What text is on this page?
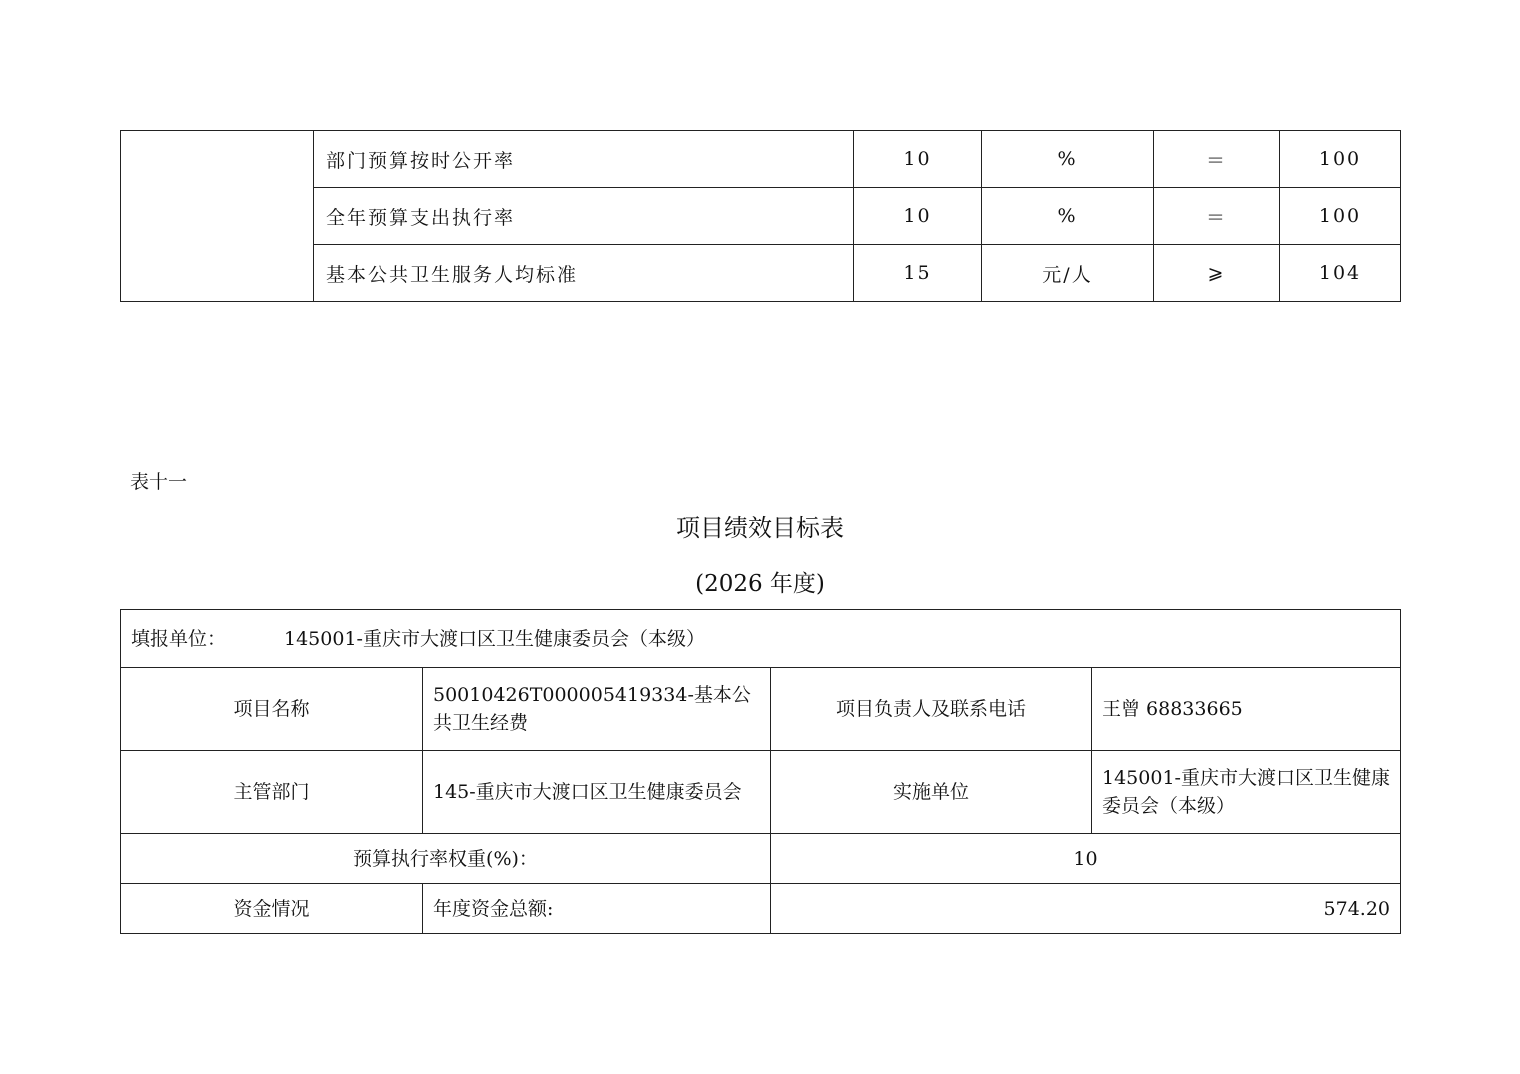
	部门预算按时公开率	10	%	＝	100
	全年预算支出执行率	10	%	＝	100
	基本公共卫生服务人均标准	15	元/人	⩾	104
表十一
项目绩效目标表
(2026 年度)
填报单位： 145001-重庆市大渡口区卫生健康委员会（本级）			
项目名称	50010426T000005419334-基本公共卫生经费	项目负责人及联系电话	王曾 68833665
主管部门	145-重庆市大渡口区卫生健康委员会	实施单位	145001-重庆市大渡口区卫生健康委员会（本级）
预算执行率权重(%)：		10	
资金情况	年度资金总额:	574.20	
